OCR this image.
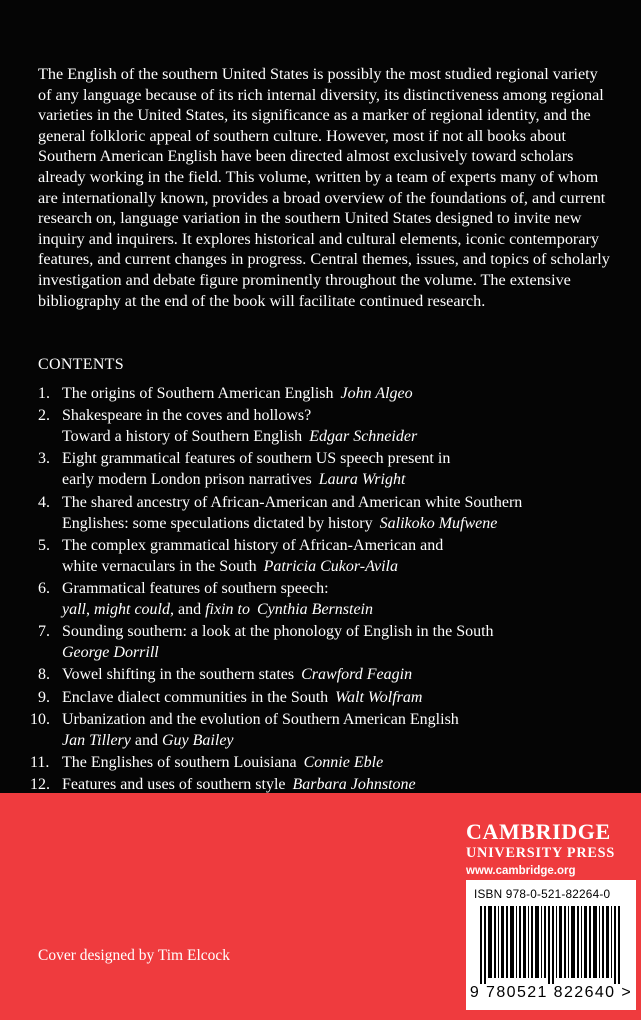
The English of the southern United States is possibly the most studied regional variety of any language because of its rich internal diversity, its distinctiveness among regional varieties in the United States, its significance as a marker of regional identity, and the general folkloric appeal of southern culture. However, most if not all books about Southern American English have been directed almost exclusively toward scholars already working in the field. This volume, written by a team of experts many of whom are internationally known, provides a broad overview of the foundations of, and current research on, language variation in the southern United States designed to invite new inquiry and inquirers. It explores historical and cultural elements, iconic contemporary features, and current changes in progress. Central themes, issues, and topics of scholarly investigation and debate figure prominently throughout the volume. The extensive bibliography at the end of the book will facilitate continued research.

CONTENTS
1. The origins of Southern American English John Algeo
2. Shakespeare in the coves and hollows?
Toward a history of Southern English Edgar Schneider
3. Eight grammatical features of southern US speech present in
early modern London prison narratives Laura Wright
4. The shared ancestry of African-American and American white Southern
Englishes: some speculations dictated by history Salikoko Mufwene
5. The complex grammatical history of African-American and
white vernaculars in the South Patricia Cukor-Avila
6. Grammatical features of southern speech:
yall, might could, and fixin to Cynthia Bernstein
7. Sounding southern: a look at the phonology of English in the South
George Dorrill
8. Vowel shifting in the southern states Crawford Feagin
9. Enclave dialect communities in the South Walt Wolfram
10. Urbanization and the evolution of Southern American English
Jan Tillery and Guy Bailey
11. The Englishes of southern Louisiana Connie Eble
12. Features and uses of southern style Barbara Johnstone
CAMBRIDGE
UNIVERSITY PRESS
www.cambridge.org
ISBN 978-0-521-82264-0
9 780521 822640 >
Cover designed by Tim Elcock
